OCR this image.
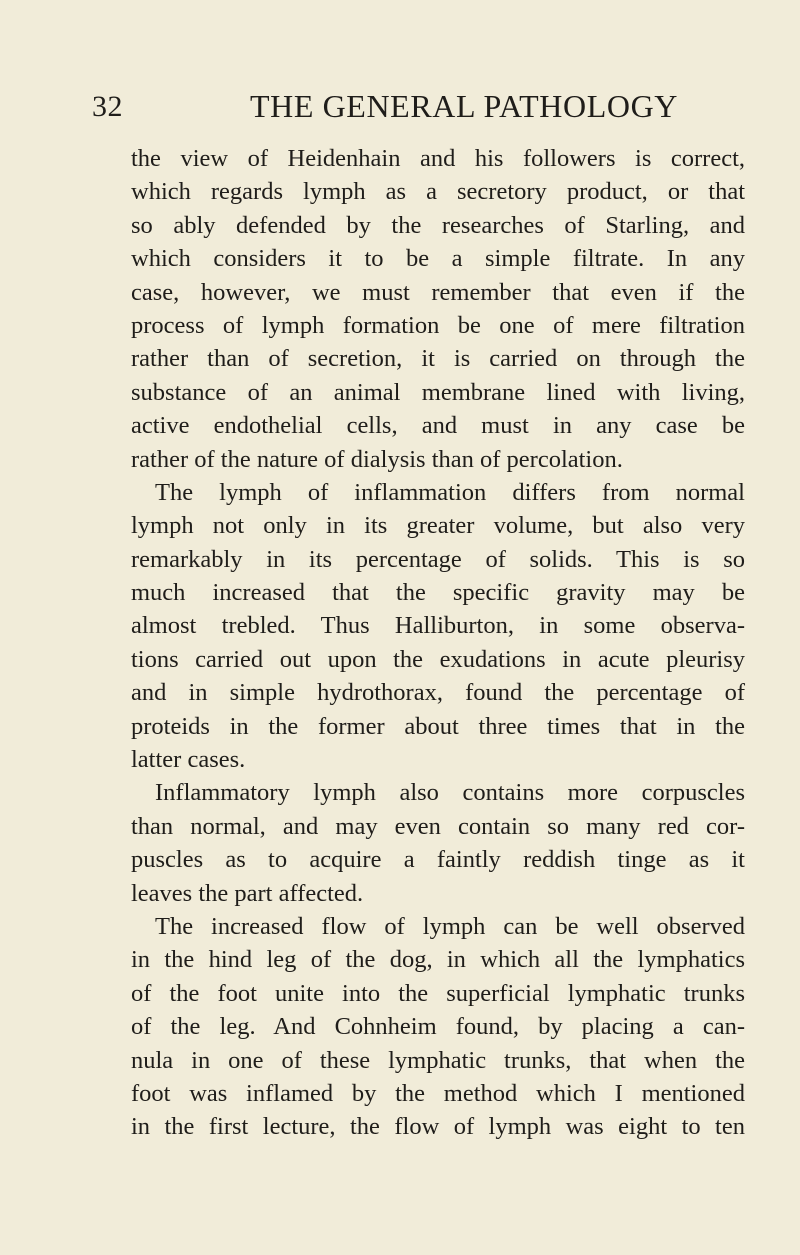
32	THE GENERAL PATHOLOGY
the view of Heidenhain and his followers is correct,
which regards lymph as a secretory product, or that
so ably defended by the researches of Starling, and
which considers it to be a simple filtrate. In any
case, however, we must remember that even if the
process of lymph formation be one of mere filtration
rather than of secretion, it is carried on through the
substance of an animal membrane lined with living,
active endothelial cells, and must in any case be
rather of the nature of dialysis than of percolation.
The lymph of inflammation differs from normal
lymph not only in its greater volume, but also very
remarkably in its percentage of solids. This is so
much increased that the specific gravity may be
almost trebled. Thus Halliburton, in some observa-
tions carried out upon the exudations in acute pleurisy
and in simple hydrothorax, found the percentage of
proteids in the former about three times that in the
latter cases.
Inflammatory lymph also contains more corpuscles
than normal, and may even contain so many red cor-
puscles as to acquire a faintly reddish tinge as it
leaves the part affected.
The increased flow of lymph can be well observed
in the hind leg of the dog, in which all the lymphatics
of the foot unite into the superficial lymphatic trunks
of the leg. And Cohnheim found, by placing a can-
nula in one of these lymphatic trunks, that when the
foot was inflamed by the method which I mentioned
in the first lecture, the flow of lymph was eight to ten
